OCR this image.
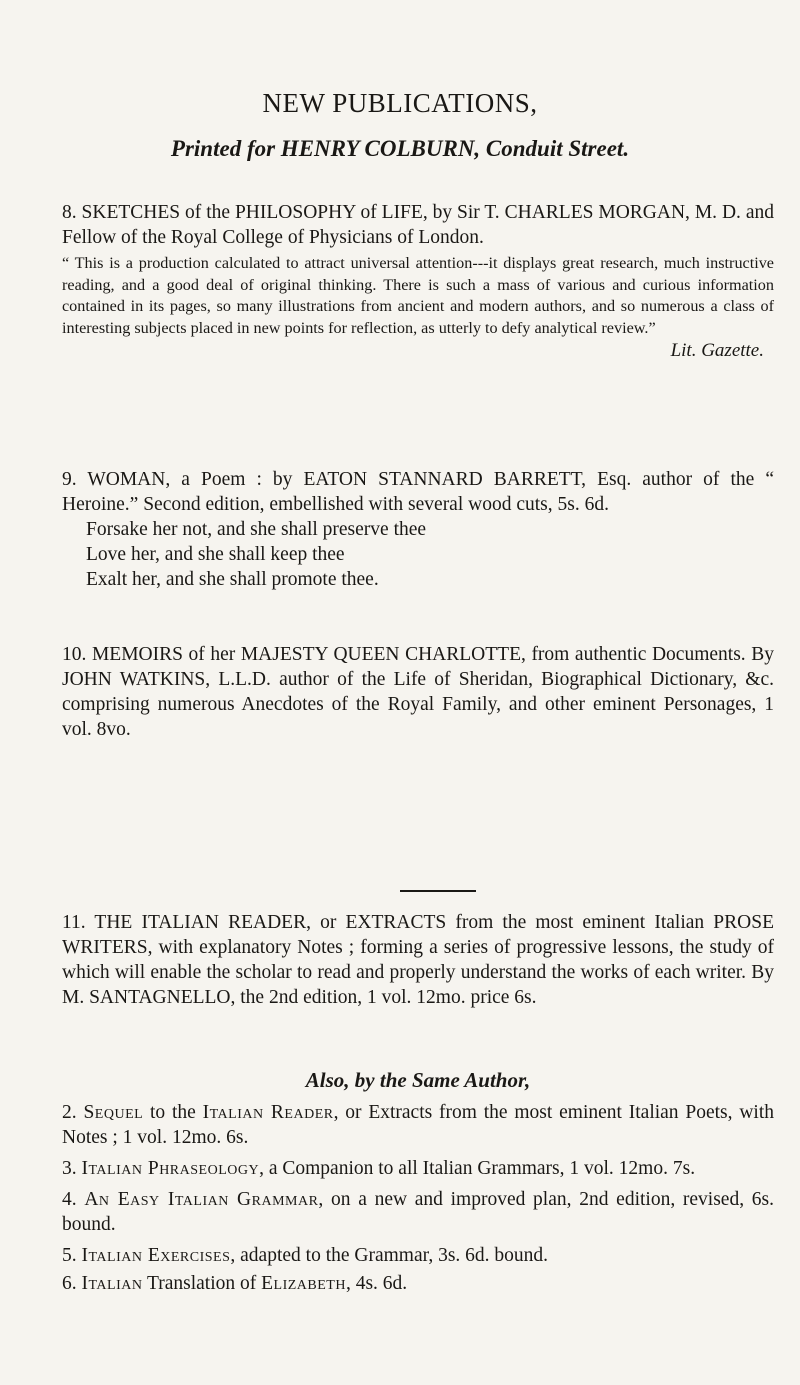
NEW PUBLICATIONS,
Printed for HENRY COLBURN, Conduit Street.

8. SKETCHES of the PHILOSOPHY of LIFE, by Sir T. CHARLES MORGAN, M. D. and Fellow of the Royal College of Physicians of London.

“ This is a production calculated to attract universal attention---it displays great research, much instructive reading, and a good deal of original thinking. There is such a mass of various and curious information contained in its pages, so many illustrations from ancient and modern authors, and so numerous a class of interesting subjects placed in new points for reflection, as utterly to defy analytical review.”

Lit. Gazette.

9. WOMAN, a Poem : by EATON STANNARD BARRETT, Esq. author of the “ Heroine.” Second edition, embellished with several wood cuts, 5s. 6d.

Forsake her not, and she shall preserve thee

Love her, and she shall keep thee

Exalt her, and she shall promote thee.

10. MEMOIRS of her MAJESTY QUEEN CHARLOTTE, from authentic Documents. By JOHN WATKINS, L.L.D. author of the Life of Sheridan, Biographical Dictionary, &c. comprising numerous Anecdotes of the Royal Family, and other eminent Personages, 1 vol. 8vo.

11. THE ITALIAN READER, or EXTRACTS from the most eminent Italian PROSE WRITERS, with explanatory Notes ; forming a series of progressive lessons, the study of which will enable the scholar to read and properly understand the works of each writer. By M. SANTAGNELLO, the 2nd edition, 1 vol. 12mo. price 6s.

Also, by the Same Author,

2. Sequel to the Italian Reader, or Extracts from the most eminent Italian Poets, with Notes ; 1 vol. 12mo. 6s.

3. Italian Phraseology, a Companion to all Italian Grammars, 1 vol. 12mo. 7s.

4. An Easy Italian Grammar, on a new and improved plan, 2nd edition, revised, 6s. bound.

5. Italian Exercises, adapted to the Grammar, 3s. 6d. bound.

6. Italian Translation of Elizabeth, 4s. 6d.
